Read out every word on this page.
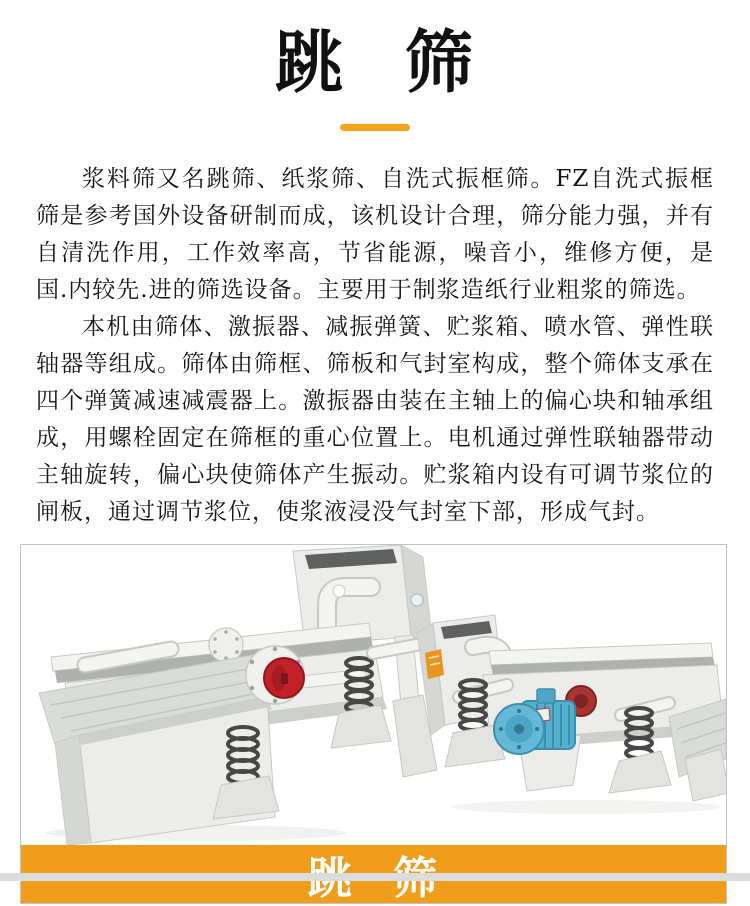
跳 筛

浆料筛又名跳筛、纸浆筛、自洗式振框筛。FZ自洗式振框筛是参考国外设备研制而成，该机设计合理，筛分能力强，并有自清洗作用，工作效率高，节省能源，噪音小，维修方便，是国.内较先.进的筛选设备。主要用于制浆造纸行业粗浆的筛选。

本机由筛体、激振器、减振弹簧、贮浆箱、喷水管、弹性联轴器等组成。筛体由筛框、筛板和气封室构成，整个筛体支承在四个弹簧减速减震器上。激振器由装在主轴上的偏心块和轴承组成，用螺栓固定在筛框的重心位置上。电机通过弹性联轴器带动主轴旋转，偏心块使筛体产生振动。贮浆箱内设有可调节浆位的闸板，通过调节浆位，使浆液浸没气封室下部，形成气封。
